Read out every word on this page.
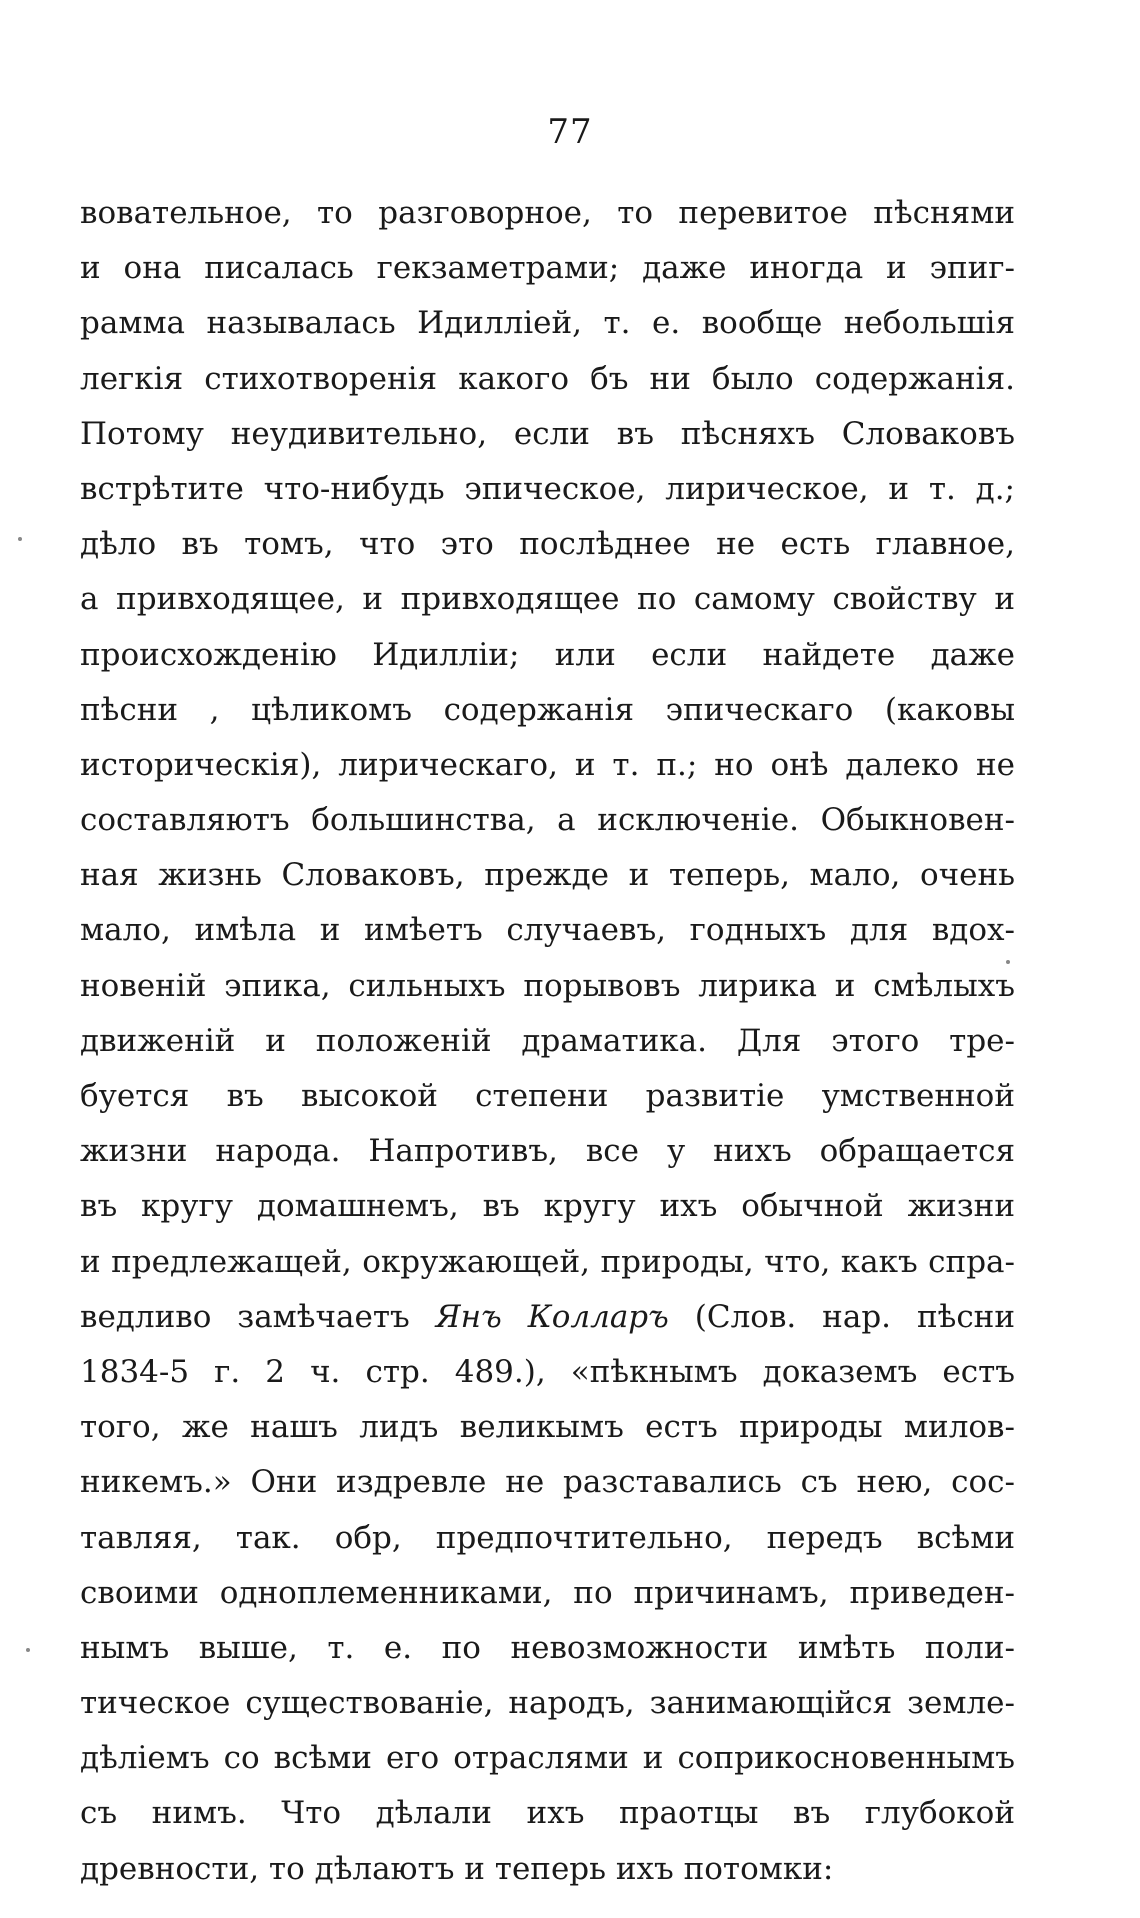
77
вовательное, то разговорное, то перевитое пѣснями
и она писалась гекзаметрами; даже иногда и эпиг-
рамма называлась Идилліей, т. е. вообще небольшія
легкія стихотворенія какого бъ ни было содержанія.
Потому неудивительно, если въ пѣсняхъ Словаковъ
встрѣтите что-нибудь эпическое, лирическое, и т. д.;
дѣло въ томъ, что это послѣднее не есть главное,
а привходящее, и привходящее по самому свойству и
происхожденію Идилліи; или если найдете даже
пѣсни , цѣликомъ содержанія эпическаго (каковы
историческія), лирическаго, и т. п.; но онѣ далеко не
составляютъ большинства, а исключеніе. Обыкновен-
ная жизнь Словаковъ, прежде и теперь, мало, очень
мало, имѣла и имѣетъ случаевъ, годныхъ для вдох-
новеній эпика, сильныхъ порывовъ лирика и смѣлыхъ
движеній и положеній драматика. Для этого тре-
буется въ высокой степени развитіе умственной
жизни народа. Напротивъ, все у нихъ обращается
въ кругу домашнемъ, въ кругу ихъ обычной жизни
и предлежащей, окружающей, природы, что, какъ спра-
ведливо замѣчаетъ Янъ Колларъ (Слов. нар. пѣсни
1834-5 г. 2 ч. стр. 489.), «пѣкнымъ доказемъ естъ
того, же нашъ лидъ великымъ естъ природы милов-
никемъ.» Они издревле не разставались съ нею, сос-
тавляя, так. обр, предпочтительно, передъ всѣми
своими одноплеменниками, по причинамъ, приведен-
нымъ выше, т. е. по невозможности имѣть поли-
тическое существованіе, народъ, занимающійся земле-
дѣліемъ со всѣми его отраслями и соприкосновеннымъ
съ нимъ. Что дѣлали ихъ праотцы въ глубокой
древности, то дѣлаютъ и теперь ихъ потомки:
